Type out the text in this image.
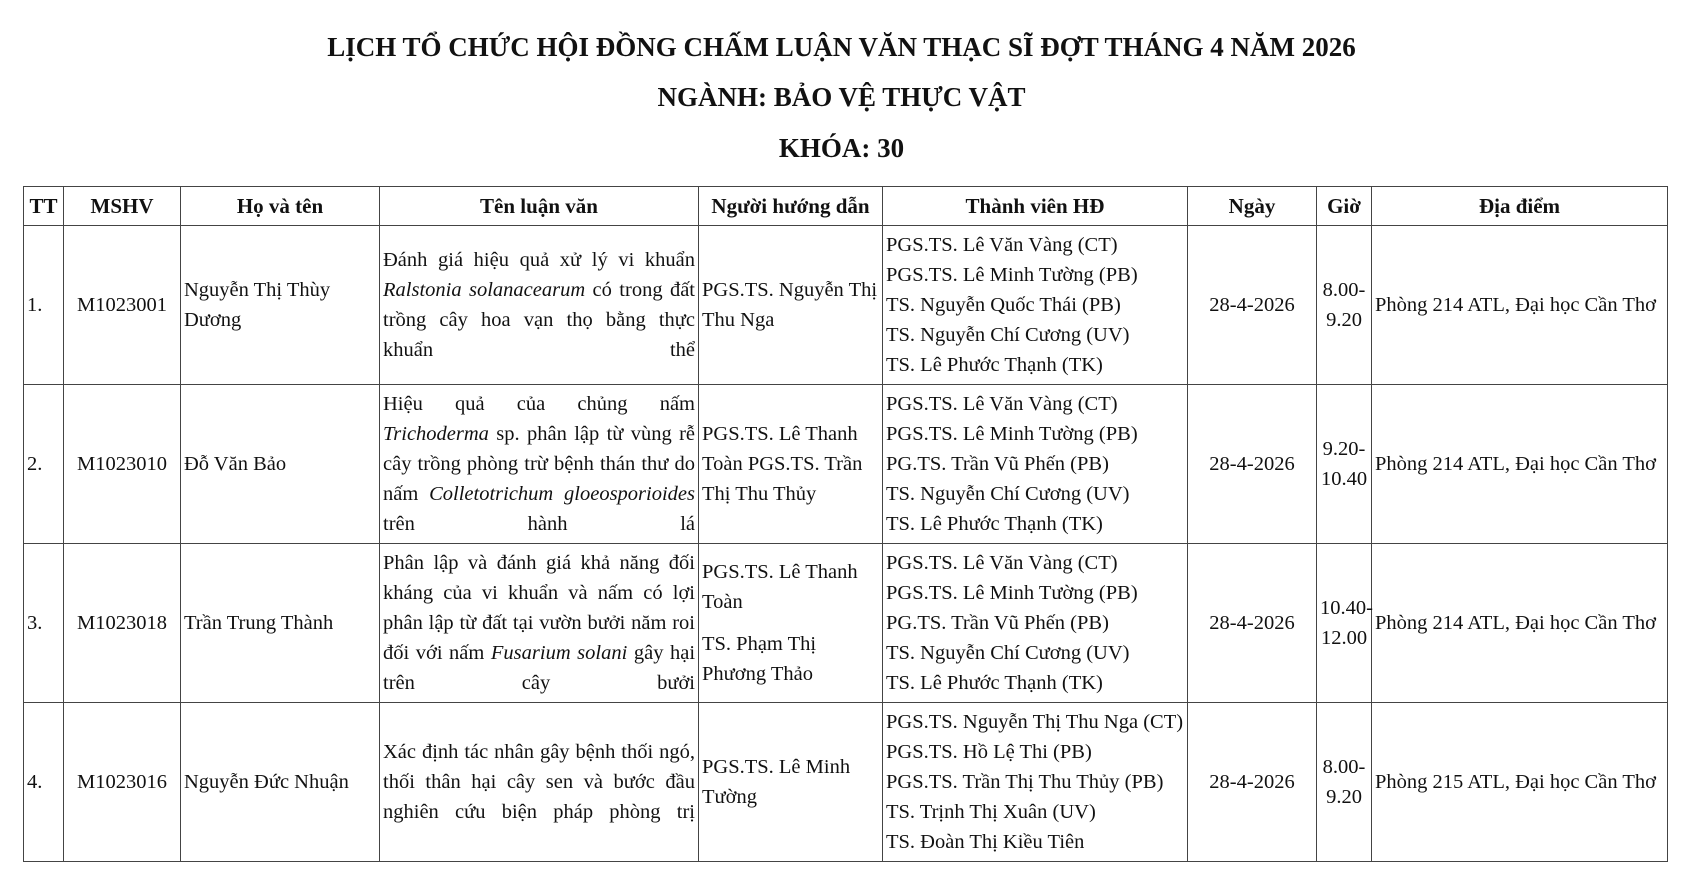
LỊCH TỔ CHỨC HỘI ĐỒNG CHẤM LUẬN VĂN THẠC SĨ ĐỢT THÁNG 4 NĂM 2026
NGÀNH: BẢO VỆ THỰC VẬT
KHÓA: 30
TT	MSHV	Họ và tên	Tên luận văn	Người hướng dẫn	Thành viên HĐ	Ngày	Giờ	Địa điểm
1.	M1023001	Nguyễn Thị Thùy Dương	Đánh giá hiệu quả xử lý vi khuẩn Ralstonia solanacearum có trong đất trồng cây hoa vạn thọ bằng thực khuẩn thể	PGS.TS. Nguyễn Thị Thu Nga	PGS.TS. Lê Văn Vàng (CT)
PGS.TS. Lê Minh Tường (PB)
TS. Nguyễn Quốc Thái (PB)
TS. Nguyễn Chí Cương (UV)
TS. Lê Phước Thạnh (TK)	28-4-2026	8.00-9.20	Phòng 214 ATL, Đại học Cần Thơ
2.	M1023010	Đỗ Văn Bảo	Hiệu quả của chủng nấm Trichoderma sp. phân lập từ vùng rễ cây trồng phòng trừ bệnh thán thư do nấm Colletotrichum gloeosporioides trên hành lá	PGS.TS. Lê Thanh Toàn PGS.TS. Trần Thị Thu Thủy	PGS.TS. Lê Văn Vàng (CT)
PGS.TS. Lê Minh Tường (PB)
PG.TS. Trần Vũ Phến (PB)
TS. Nguyễn Chí Cương (UV)
TS. Lê Phước Thạnh (TK)	28-4-2026	9.20-10.40	Phòng 214 ATL, Đại học Cần Thơ
3.	M1023018	Trần Trung Thành	Phân lập và đánh giá khả năng đối kháng của vi khuẩn và nấm có lợi phân lập từ đất tại vườn bưởi năm roi đối với nấm Fusarium solani gây hại trên cây bưởi	PGS.TS. Lê Thanh Toàn
TS. Phạm Thị Phương Thảo	PGS.TS. Lê Văn Vàng (CT)
PGS.TS. Lê Minh Tường (PB)
PG.TS. Trần Vũ Phến (PB)
TS. Nguyễn Chí Cương (UV)
TS. Lê Phước Thạnh (TK)	28-4-2026	10.40-12.00	Phòng 214 ATL, Đại học Cần Thơ
4.	M1023016	Nguyễn Đức Nhuận	Xác định tác nhân gây bệnh thối ngó, thối thân hại cây sen và bước đầu nghiên cứu biện pháp phòng trị	PGS.TS. Lê Minh Tường	PGS.TS. Nguyễn Thị Thu Nga (CT)
PGS.TS. Hồ Lệ Thi (PB)
PGS.TS. Trần Thị Thu Thủy (PB)
TS. Trịnh Thị Xuân (UV)
TS. Đoàn Thị Kiều Tiên	28-4-2026	8.00-9.20	Phòng 215 ATL, Đại học Cần Thơ
